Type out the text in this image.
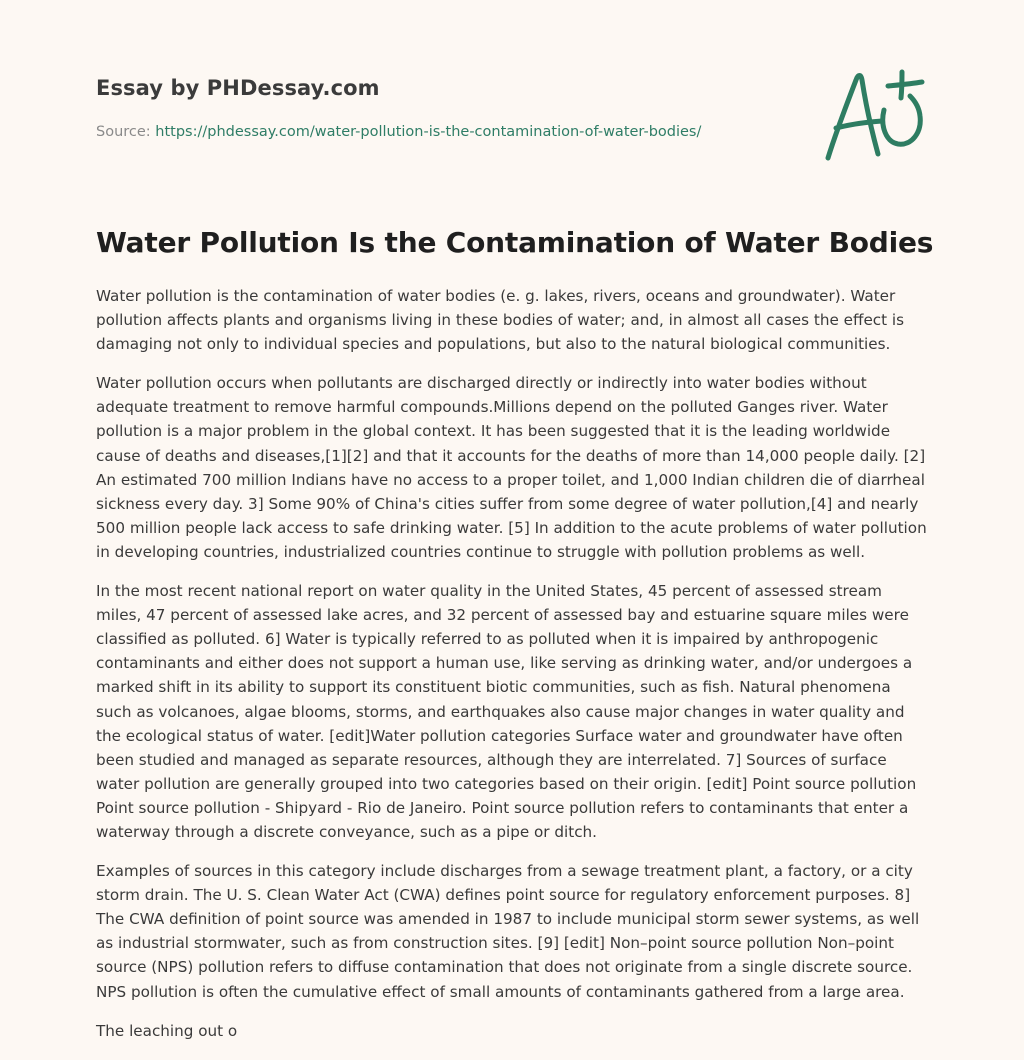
Essay by PHDessay.com
Source: https://phdessay.com/water-pollution-is-the-contamination-of-water-bodies/
Water Pollution Is the Contamination of Water Bodies

Water pollution is the contamination of water bodies (e. g. lakes, rivers, oceans and groundwater). Water pollution affects plants and organisms living in these bodies of water; and, in almost all cases the effect is damaging not only to individual species and populations, but also to the natural biological communities.

Water pollution occurs when pollutants are discharged directly or indirectly into water bodies without adequate treatment to remove harmful compounds.Millions depend on the polluted Ganges river. Water pollution is a major problem in the global context. It has been suggested that it is the leading worldwide cause of deaths and diseases,[1][2] and that it accounts for the deaths of more than 14,000 people daily. [2] An estimated 700 million Indians have no access to a proper toilet, and 1,000 Indian children die of diarrheal sickness every day. 3] Some 90% of China's cities suffer from some degree of water pollution,[4] and nearly 500 million people lack access to safe drinking water. [5] In addition to the acute problems of water pollution in developing countries, industrialized countries continue to struggle with pollution problems as well.

In the most recent national report on water quality in the United States, 45 percent of assessed stream miles, 47 percent of assessed lake acres, and 32 percent of assessed bay and estuarine square miles were classified as polluted. 6] Water is typically referred to as polluted when it is impaired by anthropogenic contaminants and either does not support a human use, like serving as drinking water, and/or undergoes a marked shift in its ability to support its constituent biotic communities, such as fish. Natural phenomena such as volcanoes, algae blooms, storms, and earthquakes also cause major changes in water quality and the ecological status of water. [edit]Water pollution categories Surface water and groundwater have often been studied and managed as separate resources, although they are interrelated. 7] Sources of surface water pollution are generally grouped into two categories based on their origin. [edit] Point source pollution Point source pollution - Shipyard - Rio de Janeiro. Point source pollution refers to contaminants that enter a waterway through a discrete conveyance, such as a pipe or ditch.

Examples of sources in this category include discharges from a sewage treatment plant, a factory, or a city storm drain. The U. S. Clean Water Act (CWA) defines point source for regulatory enforcement purposes. 8] The CWA definition of point source was amended in 1987 to include municipal storm sewer systems, as well as industrial stormwater, such as from construction sites. [9] [edit] Non–point source pollution Non–point source (NPS) pollution refers to diffuse contamination that does not originate from a single discrete source. NPS pollution is often the cumulative effect of small amounts of contaminants gathered from a large area.

The leaching out o
